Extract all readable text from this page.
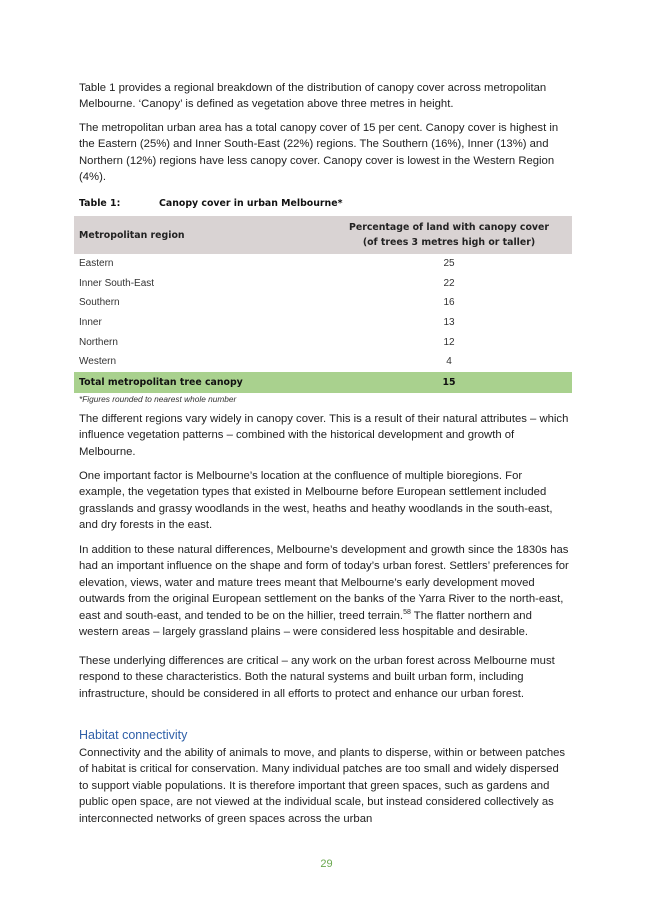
Table 1 provides a regional breakdown of the distribution of canopy cover across metropolitan Melbourne. ‘Canopy’ is defined as vegetation above three metres in height.

The metropolitan urban area has a total canopy cover of 15 per cent. Canopy cover is highest in the Eastern (25%) and Inner South-East (22%) regions. The Southern (16%), Inner (13%) and Northern (12%) regions have less canopy cover. Canopy cover is lowest in the Western Region (4%).

Table 1:	Canopy cover in urban Melbourne*
Metropolitan region	Percentage of land with canopy cover
(of trees 3 metres high or taller)
Eastern	25
Inner South-East	22
Southern	16
Inner	13
Northern	12
Western	4
Total metropolitan tree canopy	15
*Figures rounded to nearest whole number

The different regions vary widely in canopy cover. This is a result of their natural attributes – which influence vegetation patterns – combined with the historical development and growth of Melbourne.

One important factor is Melbourne’s location at the confluence of multiple bioregions. For example, the vegetation types that existed in Melbourne before European settlement included grasslands and grassy woodlands in the west, heaths and heathy woodlands in the south-east, and dry forests in the east.

In addition to these natural differences, Melbourne’s development and growth since the 1830s has had an important influence on the shape and form of today’s urban forest. Settlers’ preferences for elevation, views, water and mature trees meant that Melbourne’s early development moved outwards from the original European settlement on the banks of the Yarra River to the north-east, east and south-east, and tended to be on the hillier, treed terrain.$^{58}$ The flatter northern and western areas – largely grassland plains – were considered less hospitable and desirable.

These underlying differences are critical – any work on the urban forest across Melbourne must respond to these characteristics. Both the natural systems and built urban form, including infrastructure, should be considered in all efforts to protect and enhance our urban forest.

Habitat connectivity

Connectivity and the ability of animals to move, and plants to disperse, within or between patches of habitat is critical for conservation. Many individual patches are too small and widely dispersed to support viable populations. It is therefore important that green spaces, such as gardens and public open space, are not viewed at the individual scale, but instead considered collectively as interconnected networks of green spaces across the urban

29
